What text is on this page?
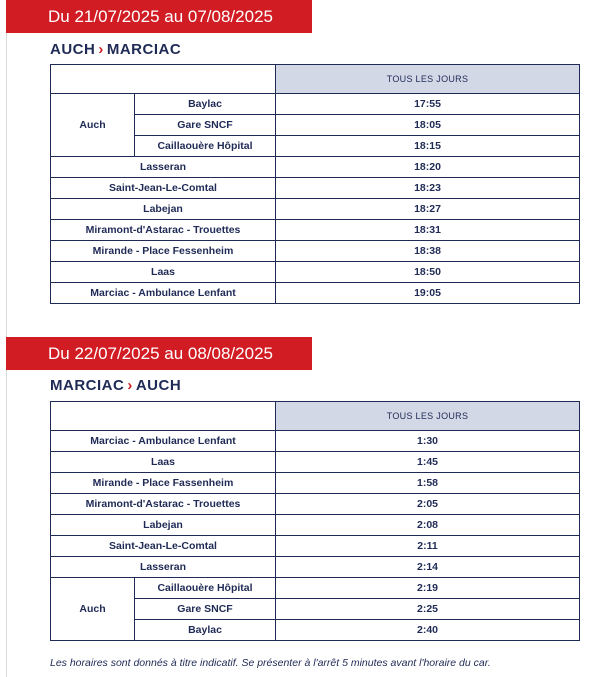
Du 21/07/2025 au 07/08/2025
AUCH › MARCIAC
		TOUS LES JOURS
Auch	Baylac	17:55
	Gare SNCF	18:05
	Caillaouère Hôpital	18:15
Lasseran		18:20
Saint-Jean-Le-Comtal		18:23
Labejan		18:27
Miramont-d'Astarac - Trouettes		18:31
Mirande - Place Fessenheim		18:38
Laas		18:50
Marciac - Ambulance Lenfant		19:05
Du 22/07/2025 au 08/08/2025
MARCIAC › AUCH
		TOUS LES JOURS
Marciac - Ambulance Lenfant		1:30
Laas		1:45
Mirande - Place Fassenheim		1:58
Miramont-d'Astarac - Trouettes		2:05
Labejan		2:08
Saint-Jean-Le-Comtal		2:11
Lasseran		2:14
Auch	Caillaouère Hôpital	2:19
	Gare SNCF	2:25
	Baylac	2:40
Les horaires sont donnés à titre indicatif. Se présenter à l'arrêt 5 minutes avant l'horaire du car.
